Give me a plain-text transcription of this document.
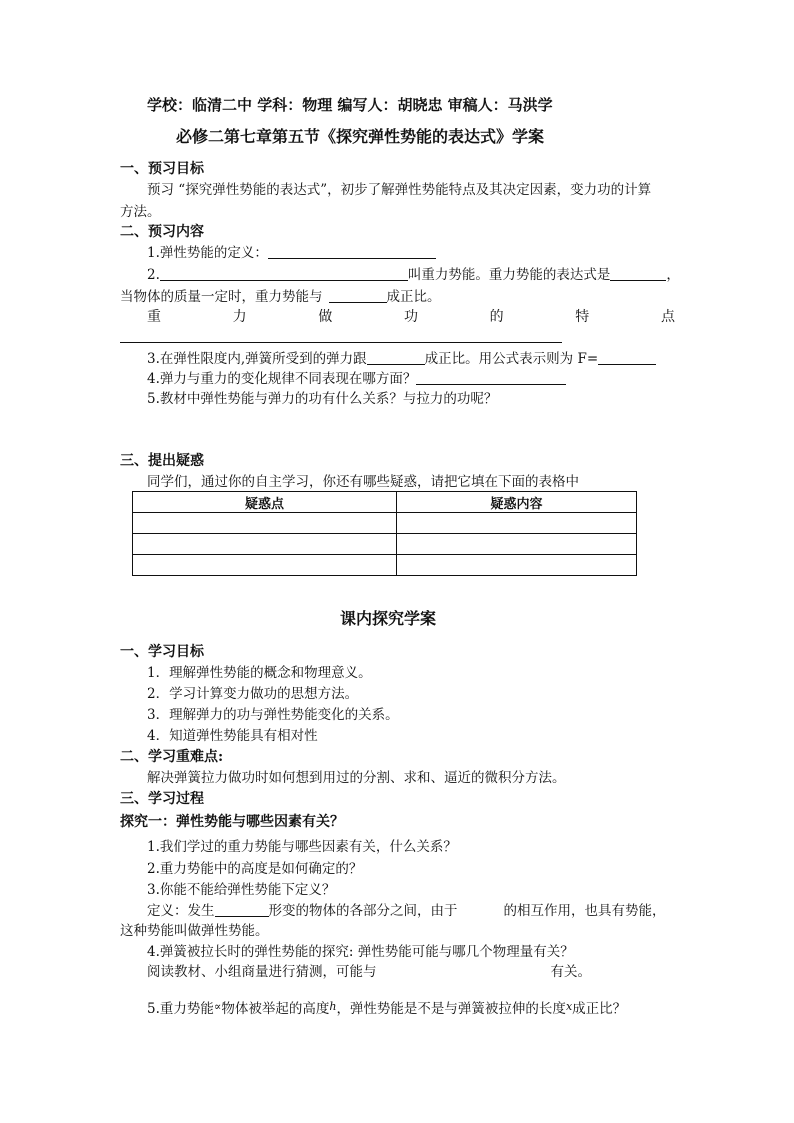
学校：临清二中 学科：物理 编写人：胡晓忠 审稿人：马洪学
必修二第七章第五节《探究弹性势能的表达式》学案
一、预习目标
预习 “探究弹性势能的表达式”，初步了解弹性势能特点及其决定因素，变力功的计算
方法。
二、预习内容
1.弹性势能的定义：
2.	叫重力势能。重力势能的表达式是	，
当物体的质量一定时，重力势能与	成正比。
重	力	做	功	的	特	点
3.在弹性限度内,弹簧所受到的弹力跟	成正比。用公式表示则为 F=
4.弹力与重力的变化规律不同表现在哪方面？
5.教材中弹性势能与弹力的功有什么关系？与拉力的功呢？
三、提出疑惑
同学们，通过你的自主学习，你还有哪些疑惑，请把它填在下面的表格中
疑惑点	疑惑内容

课内探究学案
一、学习目标
1．理解弹性势能的概念和物理意义。
2．学习计算变力做功的思想方法。
3．理解弹力的功与弹性势能变化的关系。
4．知道弹性势能具有相对性
二、学习重难点:
解决弹簧拉力做功时如何想到用过的分割、求和、逼近的微积分方法。
三、学习过程
探究一：弹性势能与哪些因素有关？
1.我们学过的重力势能与哪些因素有关，什么关系？
2.重力势能中的高度是如何确定的？
3.你能不能给弹性势能下定义？
定义：发生	形变的物体的各部分之间，由于	的相互作用，也具有势能，
这种势能叫做弹性势能。
4.弹簧被拉长时的弹性势能的探究: 弹性势能可能与哪几个物理量有关？
阅读教材、小组商量进行猜测，可能与	有关。
5.重力势能∝物体被举起的高度$^h$，弹性势能是不是与弹簧被拉伸的长度$^x$成正比？
